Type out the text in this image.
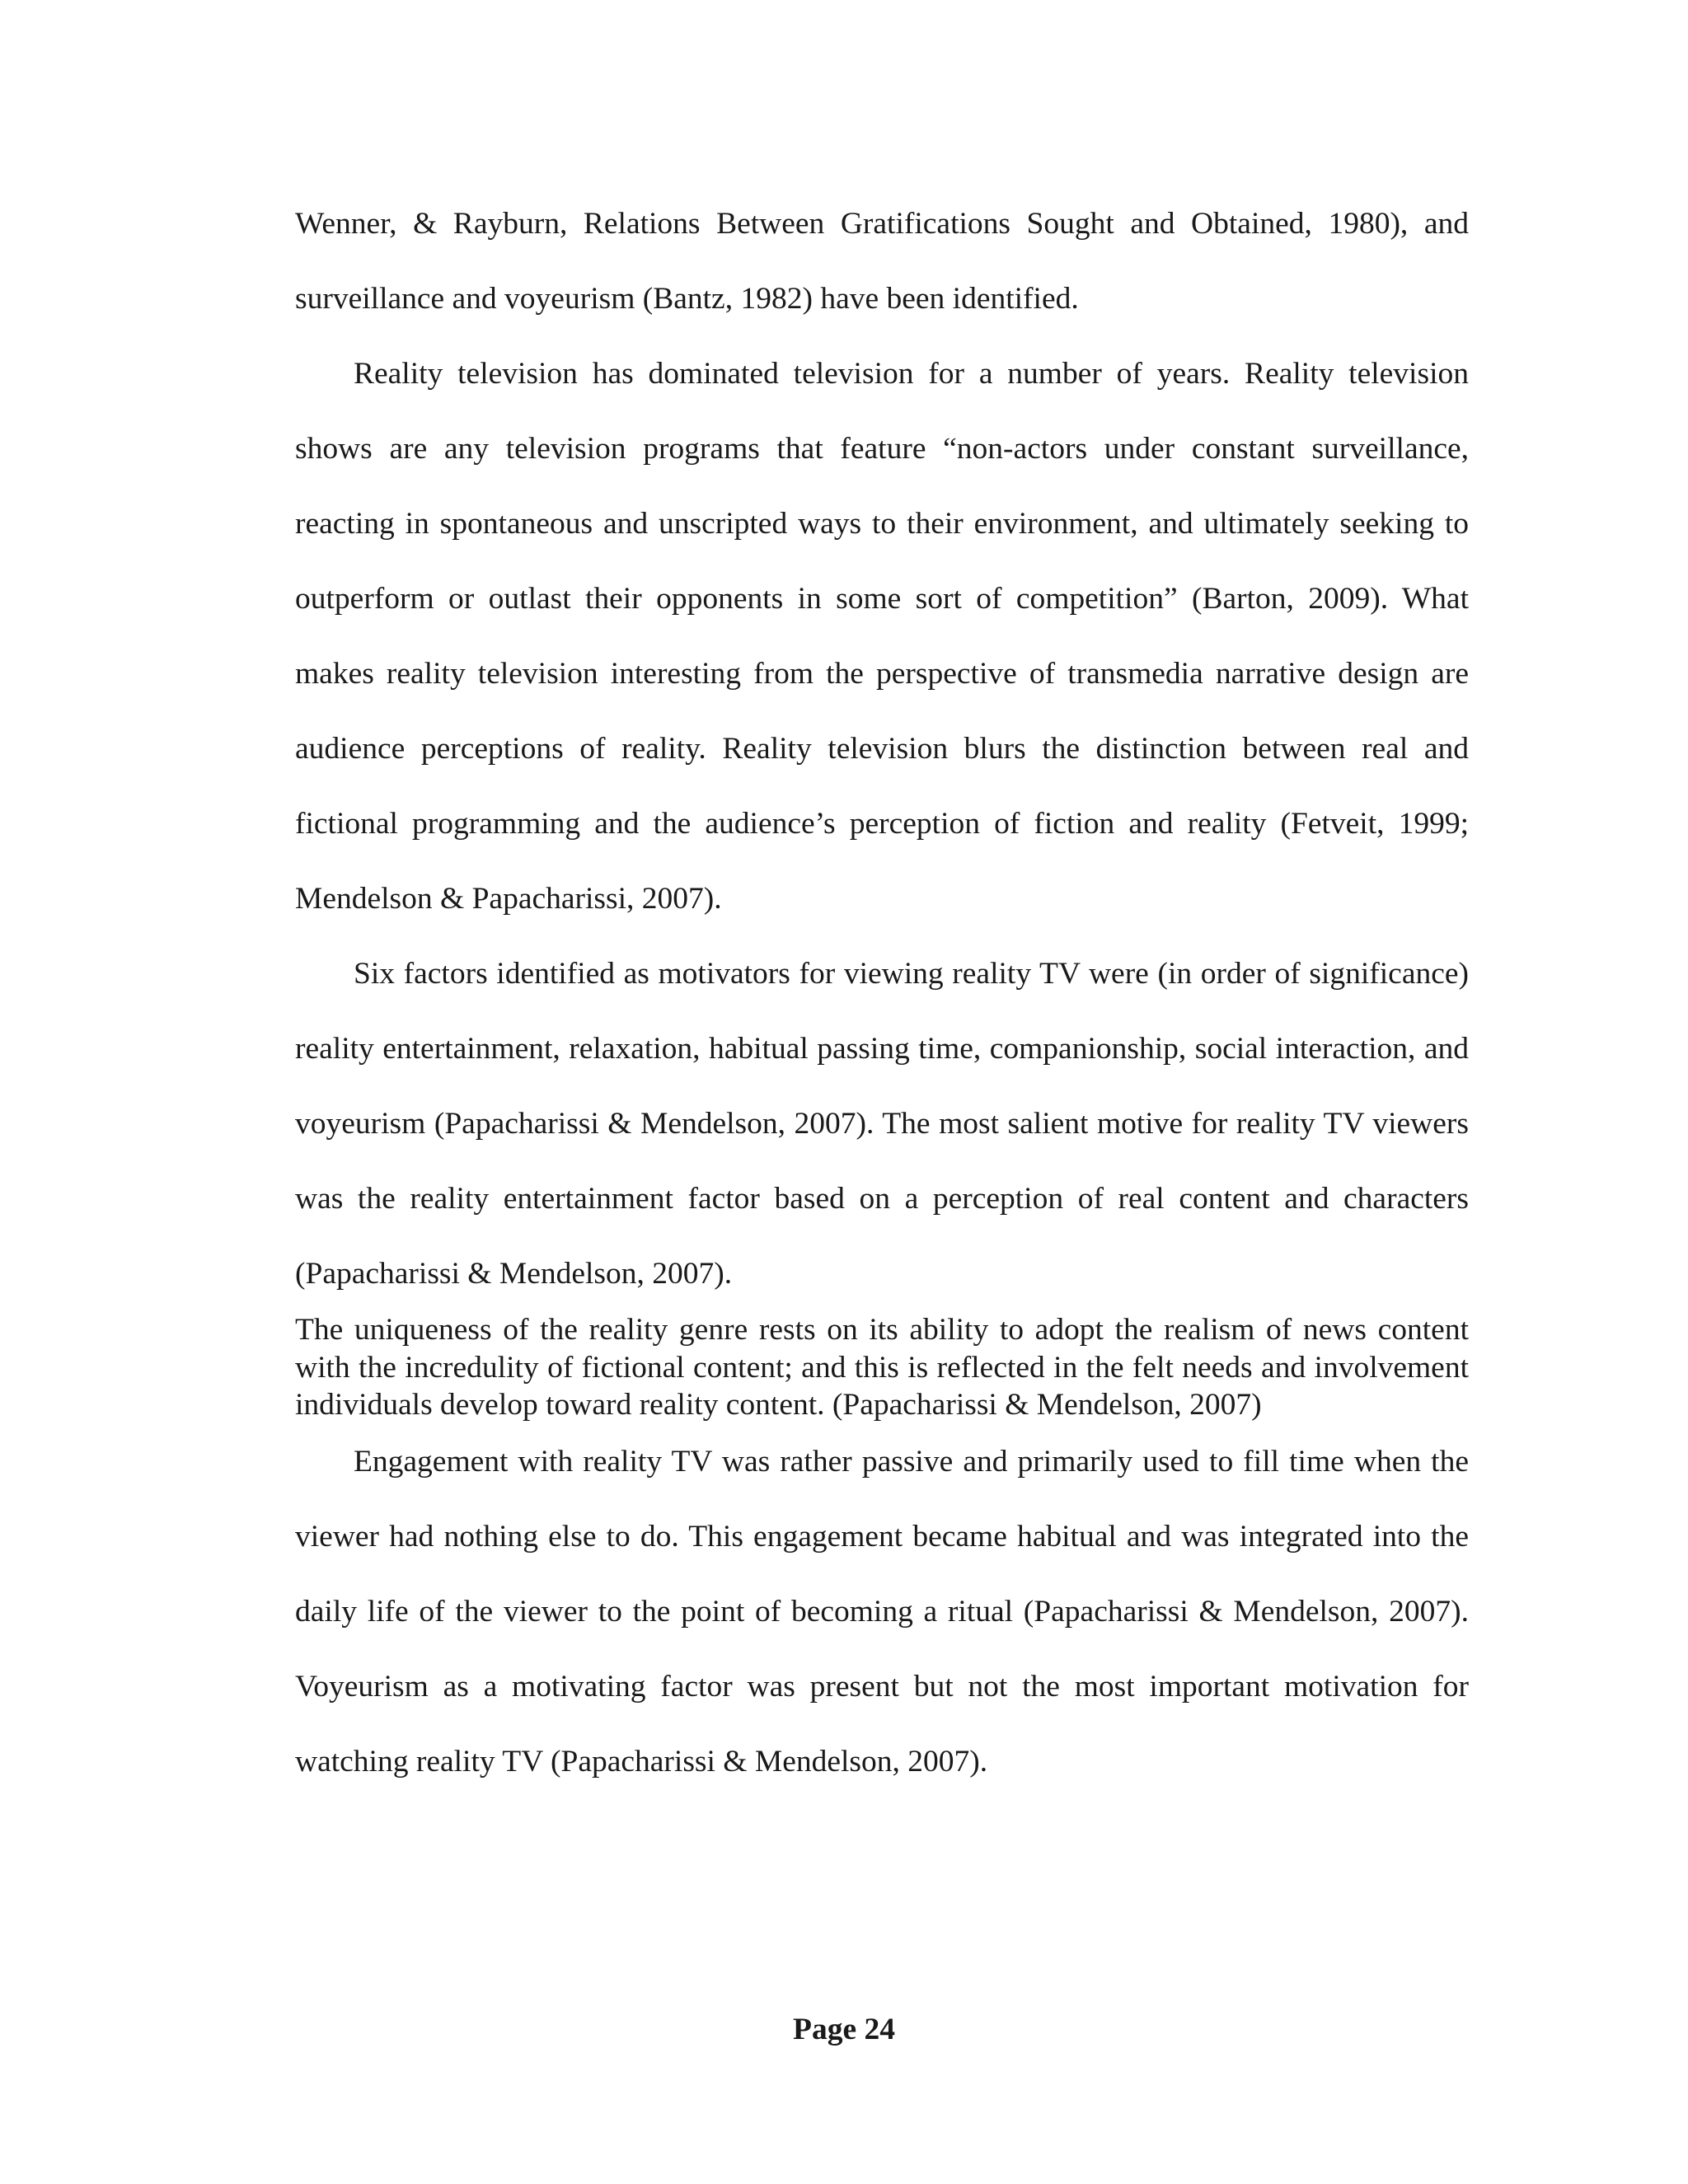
Wenner, & Rayburn, Relations Between Gratifications Sought and Obtained, 1980), and surveillance and voyeurism (Bantz, 1982) have been identified.

Reality television has dominated television for a number of years. Reality television shows are any television programs that feature “non-actors under constant surveillance, reacting in spontaneous and unscripted ways to their environment, and ultimately seeking to outperform or outlast their opponents in some sort of competition” (Barton, 2009). What makes reality television interesting from the perspective of transmedia narrative design are audience perceptions of reality. Reality television blurs the distinction between real and fictional programming and the audience’s perception of fiction and reality (Fetveit, 1999; Mendelson & Papacharissi, 2007).

Six factors identified as motivators for viewing reality TV were (in order of significance) reality entertainment, relaxation, habitual passing time, companionship, social interaction, and voyeurism (Papacharissi & Mendelson, 2007). The most salient motive for reality TV viewers was the reality entertainment factor based on a perception of real content and characters (Papacharissi & Mendelson, 2007).

The uniqueness of the reality genre rests on its ability to adopt the realism of news content with the incredulity of fictional content; and this is reflected in the felt needs and involvement individuals develop toward reality content. (Papacharissi & Mendelson, 2007)

Engagement with reality TV was rather passive and primarily used to fill time when the viewer had nothing else to do. This engagement became habitual and was integrated into the daily life of the viewer to the point of becoming a ritual (Papacharissi & Mendelson, 2007). Voyeurism as a motivating factor was present but not the most important motivation for watching reality TV (Papacharissi & Mendelson, 2007).

Page 24
